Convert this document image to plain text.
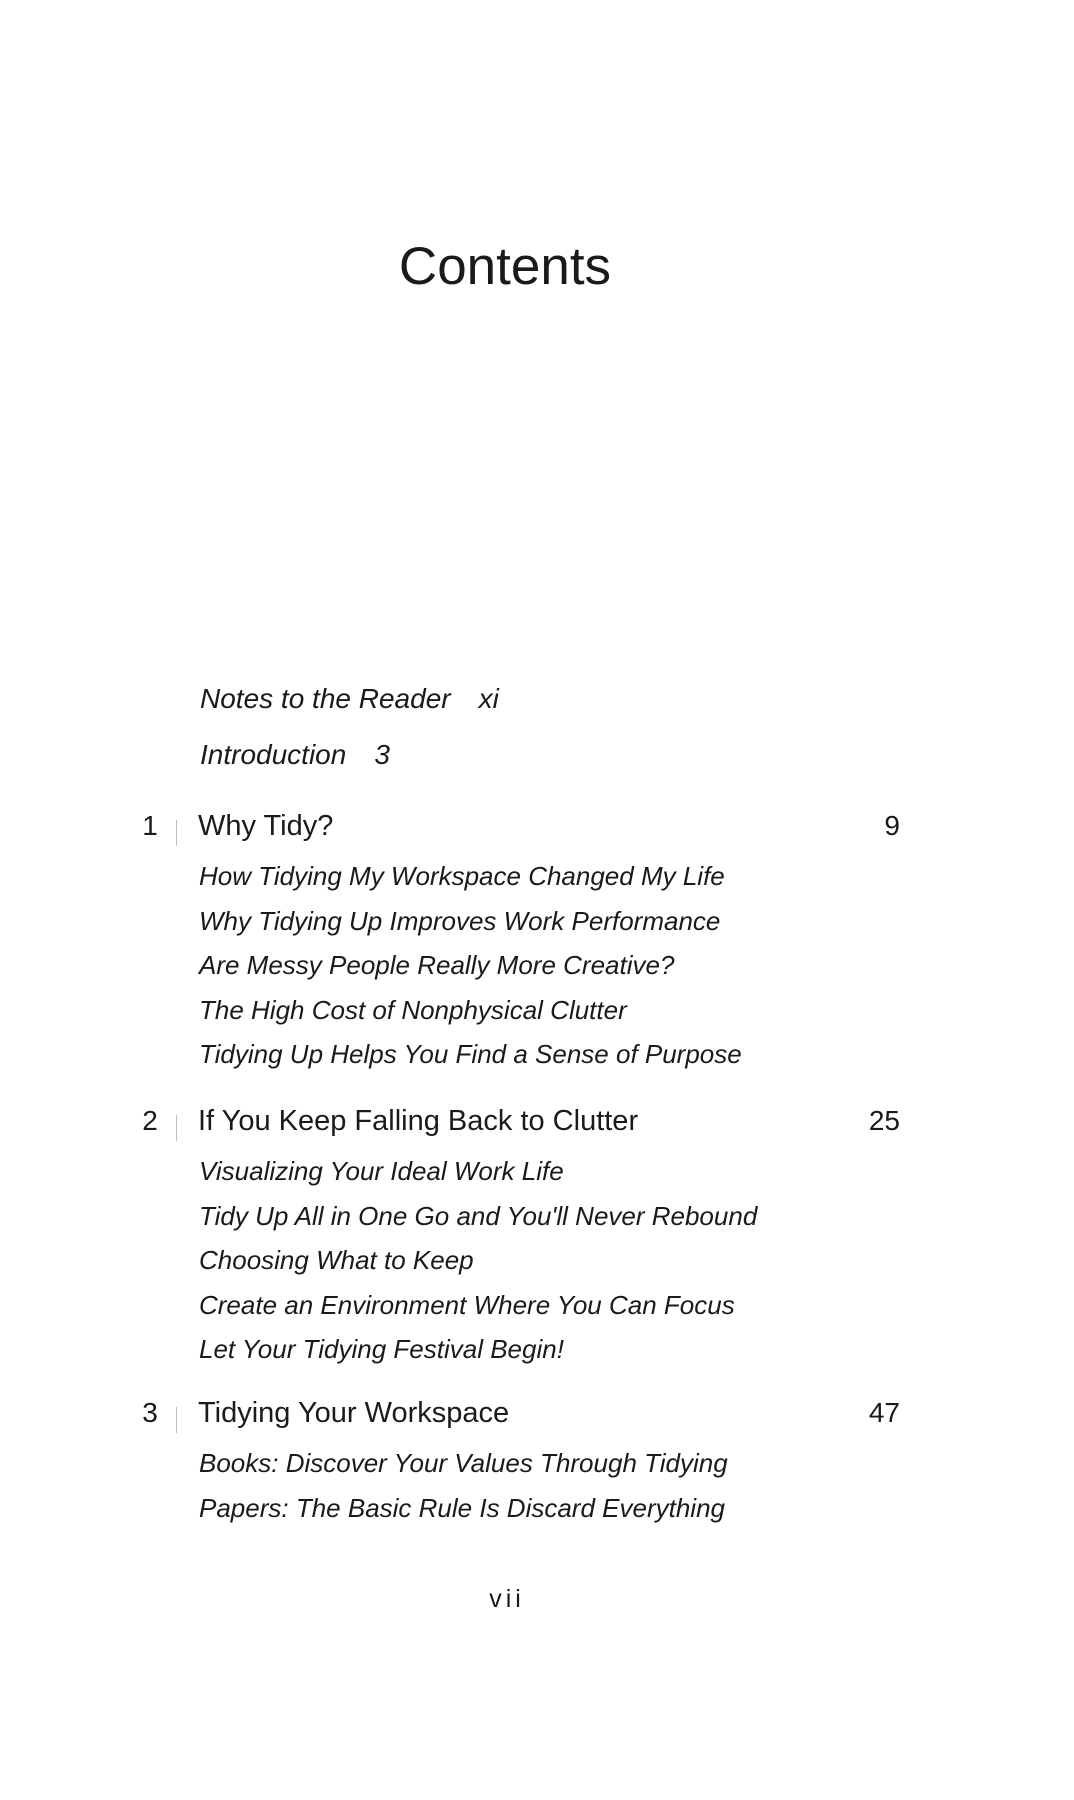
Contents
Notes to the Reader xi
Introduction 3
1 Why Tidy?	9
How Tidying My Workspace Changed My Life
Why Tidying Up Improves Work Performance
Are Messy People Really More Creative?
The High Cost of Nonphysical Clutter
Tidying Up Helps You Find a Sense of Purpose
2 If You Keep Falling Back to Clutter	25
Visualizing Your Ideal Work Life
Tidy Up All in One Go and You'll Never Rebound
Choosing What to Keep
Create an Environment Where You Can Focus
Let Your Tidying Festival Begin!
3 Tidying Your Workspace	47
Books: Discover Your Values Through Tidying
Papers: The Basic Rule Is Discard Everything
vii
